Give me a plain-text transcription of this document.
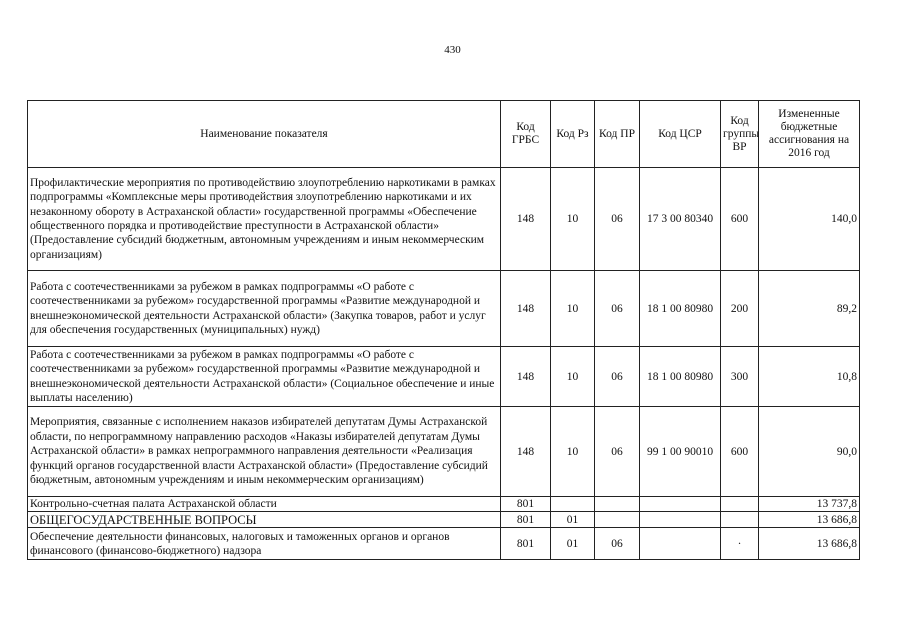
430
Наименование показателя	Код ГРБС	Код Рз	Код ПР	Код ЦСР	Код группы ВР	Измененные бюджетные ассигнования на 2016 год
Профилактические мероприятия по противодействию злоупотреблению наркотиками в рамках подпрограммы «Комплексные меры противодействия злоупотреблению наркотиками и их незаконному обороту в Астраханской области» государственной программы «Обеспечение общественного порядка и противодействие преступности в Астраханской области» (Предоставление субсидий бюджетным, автономным учреждениям и иным некоммерческим организациям)	148	10	06	17 3 00 80340	600	140,0
Работа с соотечественниками за рубежом в рамках подпрограммы «О работе с соотечественниками за рубежом» государственной программы «Развитие международной и внешнеэкономической деятельности Астраханской области» (Закупка товаров, работ и услуг для обеспечения государственных (муниципальных) нужд)	148	10	06	18 1 00 80980	200	89,2
Работа с соотечественниками за рубежом в рамках подпрограммы «О работе с соотечественниками за рубежом» государственной программы «Развитие международной и внешнеэкономической деятельности Астраханской области» (Социальное обеспечение и иные выплаты населению)	148	10	06	18 1 00 80980	300	10,8
Мероприятия, связанные с исполнением наказов избирателей депутатам Думы Астраханской области, по непрограммному направлению расходов «Наказы избирателей депутатам Думы Астраханской области» в рамках непрограммного направления деятельности «Реализация функций органов государственной власти Астраханской области» (Предоставление субсидий бюджетным, автономным учреждениям и иным некоммерческим организациям)	148	10	06	99 1 00 90010	600	90,0
Контрольно-счетная палата Астраханской области	801					13 737,8
ОБЩЕГОСУДАРСТВЕННЫЕ ВОПРОСЫ	801	01				13 686,8
Обеспечение деятельности финансовых, налоговых и таможенных органов и органов финансового (финансово-бюджетного) надзора	801	01	06		·	13 686,8
